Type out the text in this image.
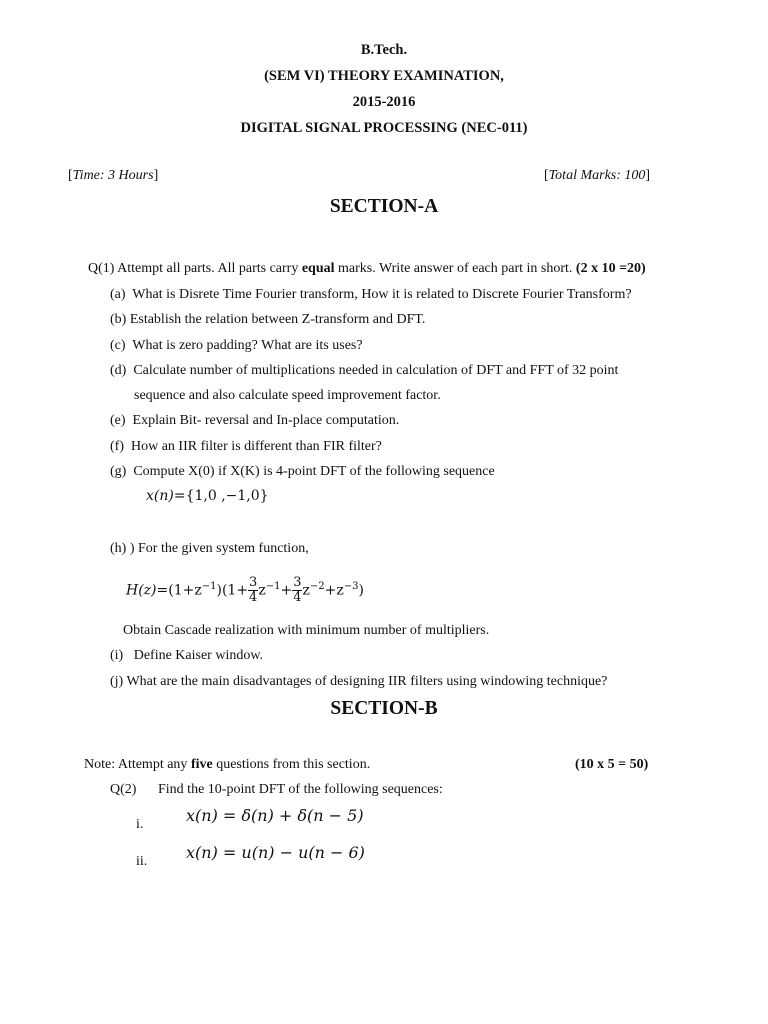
B.Tech.
(SEM VI) THEORY EXAMINATION,
2015-2016
DIGITAL SIGNAL PROCESSING (NEC-011)
[Time: 3 Hours]	[Total Marks: 100]
SECTION-A
Q(1) Attempt all parts. All parts carry equal marks. Write answer of each part in short. (2 x 10 =20)
(a) What is Disrete Time Fourier transform, How it is related to Discrete Fourier Transform?
(b) Establish the relation between Z-transform and DFT.
(c) What is zero padding? What are its uses?
(d) Calculate number of multiplications needed in calculation of DFT and FFT of 32 point
sequence and also calculate speed improvement factor.
(e) Explain Bit- reversal and In-place computation.
(f) How an IIR filter is different than FIR filter?
(g) Compute X(0) if X(K) is 4-point DFT of the following sequence
x(n)={1,0 ,−1,0}
(h) ) For the given system function,
$H(z)=(1+z^{-1})(1+ \frac{3}{4} z^{-1}+ \frac{3}{4} z^{-2}+z^{-3})$
Obtain Cascade realization with minimum number of multipliers.
(i) Define Kaiser window.
(j) What are the main disadvantages of designing IIR filters using windowing technique?
SECTION-B
Note: Attempt any five questions from this section.	(10 x 5 = 50)
Q(2) Find the 10-point DFT of the following sequences:
i.	x(n) = δ(n) + δ(n − 5)
ii. x(n) = u(n) − u(n − 6)
